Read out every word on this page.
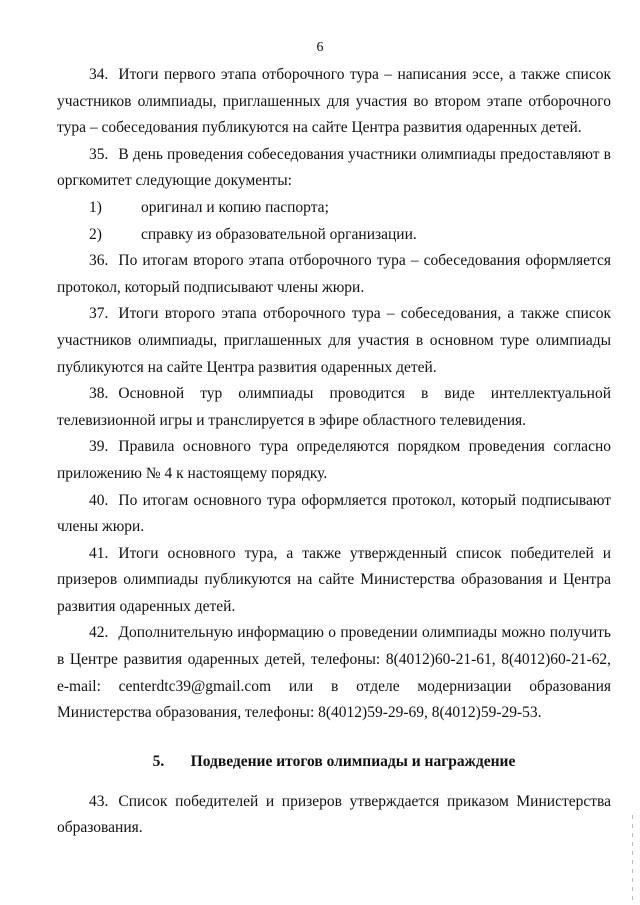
6

34. Итоги первого этапа отборочного тура – написания эссе, а также список участников олимпиады, приглашенных для участия во втором этапе отборочного тура – собеседования публикуются на сайте Центра развития одаренных детей.

35. В день проведения собеседования участники олимпиады предоставляют в оргкомитет следующие документы:

1)	оригинал и копию паспорта;

2)	справку из образовательной организации.

36. По итогам второго этапа отборочного тура – собеседования оформляется протокол, который подписывают члены жюри.

37. Итоги второго этапа отборочного тура – собеседования, а также список участников олимпиады, приглашенных для участия в основном туре олимпиады публикуются на сайте Центра развития одаренных детей.

38. Основной тур олимпиады проводится в виде интеллектуальной телевизионной игры и транслируется в эфире областного телевидения.

39. Правила основного тура определяются порядком проведения согласно приложению № 4 к настоящему порядку.

40. По итогам основного тура оформляется протокол, который подписывают члены жюри.

41. Итоги основного тура, а также утвержденный список победителей и призеров олимпиады публикуются на сайте Министерства образования и Центра развития одаренных детей.

42. Дополнительную информацию о проведении олимпиады можно получить в Центре развития одаренных детей, телефоны: 8(4012)60-21-61, 8(4012)60-21-62, e-mail: centerdtc39@gmail.com или в отделе модернизации образования Министерства образования, телефоны: 8(4012)59-29-69, 8(4012)59-29-53.

5. Подведение итогов олимпиады и награждение

43. Список победителей и призеров утверждается приказом Министерства образования.
